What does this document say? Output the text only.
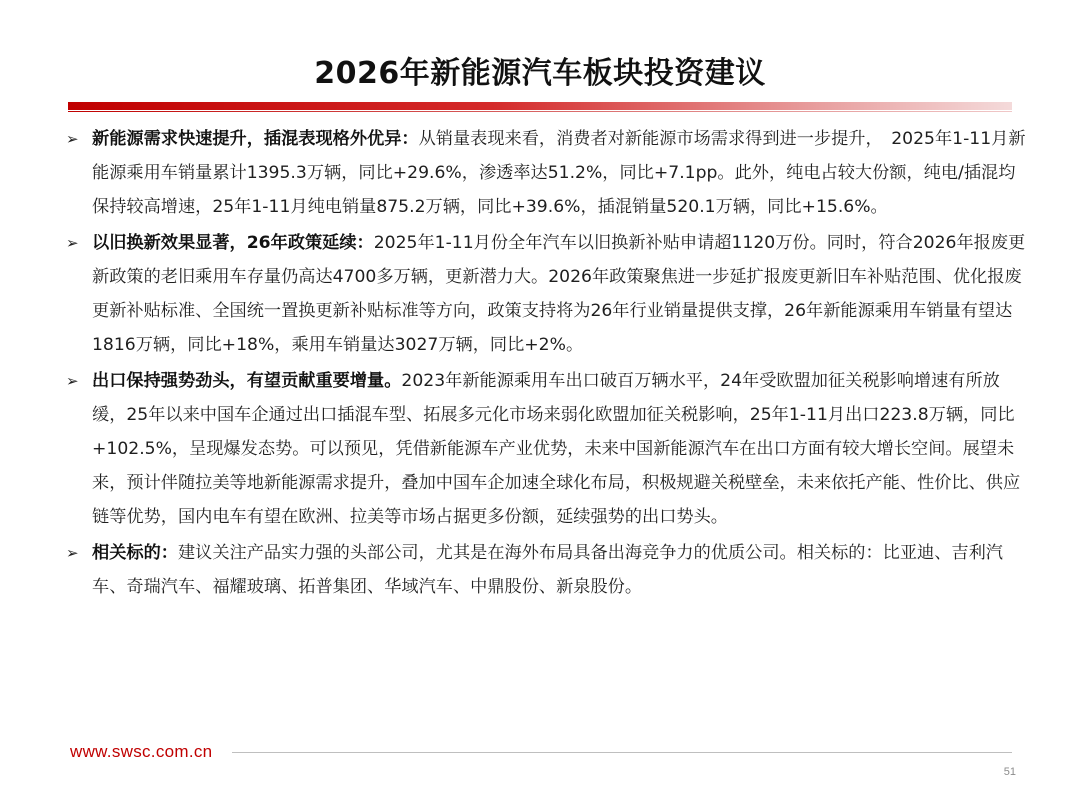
2026年新能源汽车板块投资建议
➢ 新能源需求快速提升，插混表现格外优异：从销量表现来看，消费者对新能源市场需求得到进一步提升，　2025年1-11月新能源乘用车销量累计1395.3万辆，同比+29.6%，渗透率达51.2%，同比+7.1pp。此外，纯电占较大份额，纯电/插混均保持较高增速，25年1-11月纯电销量875.2万辆，同比+39.6%，插混销量520.1万辆，同比+15.6%。
➢ 以旧换新效果显著，26年政策延续：2025年1-11月份全年汽车以旧换新补贴申请超1120万份。同时，符合2026年报废更新政策的老旧乘用车存量仍高达4700多万辆，更新潜力大。2026年政策聚焦进一步延扩报废更新旧车补贴范围、优化报废更新补贴标准、全国统一置换更新补贴标准等方向，政策支持将为26年行业销量提供支撑，26年新能源乘用车销量有望达1816万辆，同比+18%，乘用车销量达3027万辆，同比+2%。
➢ 出口保持强势劲头，有望贡献重要增量。2023年新能源乘用车出口破百万辆水平，24年受欧盟加征关税影响增速有所放缓，25年以来中国车企通过出口插混车型、拓展多元化市场来弱化欧盟加征关税影响，25年1-11月出口223.8万辆，同比+102.5%，呈现爆发态势。可以预见，凭借新能源车产业优势，未来中国新能源汽车在出口方面有较大增长空间。展望未来，预计伴随拉美等地新能源需求提升，叠加中国车企加速全球化布局，积极规避关税壁垒，未来依托产能、性价比、供应链等优势，国内电车有望在欧洲、拉美等市场占据更多份额，延续强势的出口势头。
➢ 相关标的：建议关注产品实力强的头部公司，尤其是在海外布局具备出海竞争力的优质公司。相关标的：比亚迪、吉利汽车、奇瑞汽车、福耀玻璃、拓普集团、华域汽车、中鼎股份、新泉股份。
www.swsc.com.cn
51
